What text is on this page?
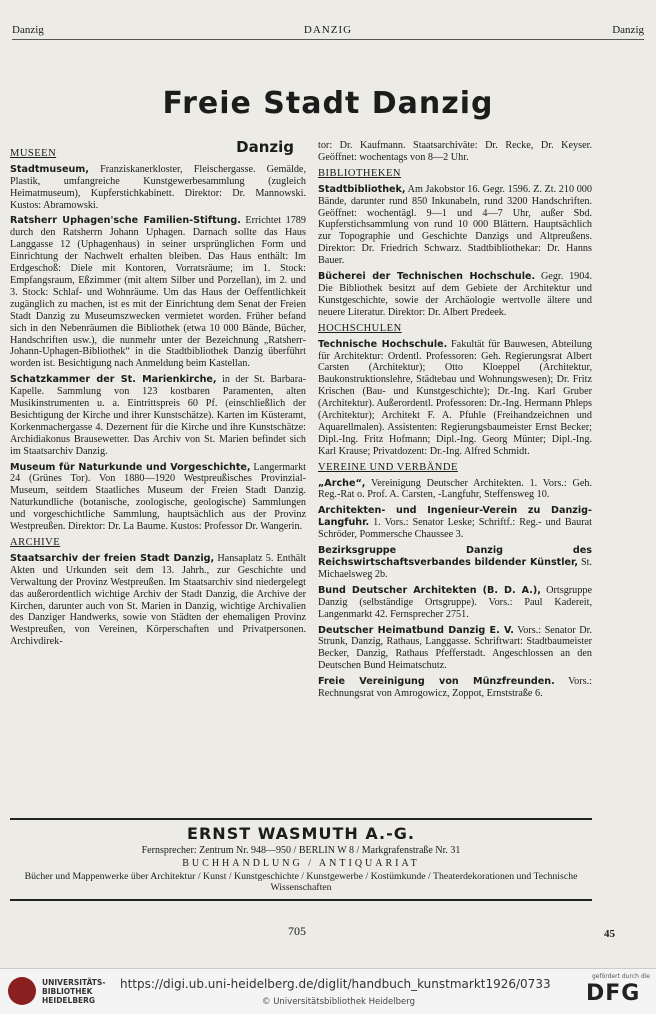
Danzig	DANZIG	Danzig
Freie Stadt Danzig
Danzig
MUSEEN

Stadtmuseum, Franziskanerkloster, Fleischergasse. Gemälde, Plastik, umfangreiche Kunstgewerbesammlung (zugleich Heimatmuseum), Kupferstichkabinett. Direktor: Dr. Mannowski. Kustos: Abramowski.

Ratsherr Uphagen'sche Familien-Stiftung. Errichtet 1789 durch den Ratsherrn Johann Uphagen. Darnach sollte das Haus Langgasse 12 (Uphagenhaus) in seiner ursprünglichen Form und Einrichtung der Nachwelt erhalten bleiben. Das Haus enthält: Im Erdgeschoß: Diele mit Kontoren, Vorratsräume; im 1. Stock: Empfangsraum, Eßzimmer (mit altem Silber und Porzellan), im 2. und 3. Stock: Schlaf- und Wohnräume. Um das Haus der Oeffentlichkeit zugänglich zu machen, ist es mit der Einrichtung dem Senat der Freien Stadt Danzig zu Museumszwecken vermietet worden. Früher befand sich in den Nebenräumen die Bibliothek (etwa 10 000 Bände, Bücher, Handschriften usw.), die nunmehr unter der Bezeichnung „Ratsherr-Johann-Uphagen-Bibliothek“ in die Stadtbibliothek Danzig überführt worden ist. Besichtigung nach Anmeldung beim Kastellan.

Schatzkammer der St. Marienkirche, in der St. Barbara-Kapelle. Sammlung von 123 kostbaren Paramenten, alten Musikinstrumenten u. a. Eintrittspreis 60 Pf. (einschließlich der Besichtigung der Kirche und ihrer Kunstschätze). Karten im Küsteramt, Korkenmachergasse 4. Dezernent für die Kirche und ihre Kunstschätze: Archidiakonus Brausewetter. Das Archiv von St. Marien befindet sich im Staatsarchiv Danzig.

Museum für Naturkunde und Vorgeschichte, Langermarkt 24 (Grünes Tor). Von 1880—1920 Westpreußisches Provinzial-Museum, seitdem Staatliches Museum der Freien Stadt Danzig. Naturkundliche (botanische, zoologische, geologische) Sammlungen und vorgeschichtliche Sammlung, hauptsächlich aus der Provinz Westpreußen. Direktor: Dr. La Baume. Kustos: Professor Dr. Wangerin.

ARCHIVE

Staatsarchiv der freien Stadt Danzig, Hansaplatz 5. Enthält Akten und Urkunden seit dem 13. Jahrh., zur Geschichte und Verwaltung der Provinz Westpreußen. Im Staatsarchiv sind niedergelegt das außerordentlich wichtige Archiv der Stadt Danzig, die Archive der Kirchen, darunter auch von St. Marien in Danzig, wichtige Archivalien des Danziger Handwerks, sowie von Städten der ehemaligen Provinz Westpreußen, von Vereinen, Körperschaften und Privatpersonen. Archivdirek-

tor: Dr. Kaufmann. Staatsarchiväte: Dr. Recke, Dr. Keyser. Geöffnet: wochentags von 8—2 Uhr.

BIBLIOTHEKEN

Stadtbibliothek, Am Jakobstor 16. Gegr. 1596. Z. Zt. 210 000 Bände, darunter rund 850 Inkunabeln, rund 3200 Handschriften. Geöffnet: wochentägl. 9—1 und 4—7 Uhr, außer Sbd. Kupferstichsammlung von rund 10 000 Blättern. Hauptsächlich zur Topographie und Geschichte Danzigs und Altpreußens. Direktor: Dr. Friedrich Schwarz. Stadtbibliothekar: Dr. Hanns Bauer.

Bücherei der Technischen Hochschule. Gegr. 1904. Die Bibliothek besitzt auf dem Gebiete der Architektur und Kunstgeschichte, sowie der Archäologie wertvolle ältere und neuere Literatur. Direktor: Dr. Albert Predeek.

HOCHSCHULEN

Technische Hochschule. Fakultät für Bauwesen, Abteilung für Architektur: Ordentl. Professoren: Geh. Regierungsrat Albert Carsten (Architektur); Otto Kloeppel (Architektur, Baukonstruktionslehre, Städtebau und Wohnungswesen); Dr. Fritz Krischen (Bau- und Kunstgeschichte); Dr.-Ing. Karl Gruber (Architektur). Außerordentl. Professoren: Dr.-Ing. Hermann Phleps (Architektur); Architekt F. A. Pfuhle (Freihandzeichnen und Aquarellmalen). Assistenten: Regierungsbaumeister Ernst Becker; Dipl.-Ing. Fritz Hofmann; Dipl.-Ing. Georg Münter; Dipl.-Ing. Karl Krause; Privatdozent: Dr.-Ing. Alfred Schmidt.

VEREINE UND VERBÄNDE

„Arche“, Vereinigung Deutscher Architekten. 1. Vors.: Geh. Reg.-Rat o. Prof. A. Carsten, -Langfuhr, Steffensweg 10.

Architekten- und Ingenieur-Verein zu Danzig-Langfuhr. 1. Vors.: Senator Leske; Schriftf.: Reg.- und Baurat Schröder, Pommersche Chaussee 3.

Bezirksgruppe Danzig des Reichswirtschaftsverbandes bildender Künstler, St. Michaelsweg 2b.

Bund Deutscher Architekten (B. D. A.), Ortsgruppe Danzig (selbständige Ortsgruppe). Vors.: Paul Kadereit, Langenmarkt 42. Fernsprecher 2751.

Deutscher Heimatbund Danzig E. V. Vors.: Senator Dr. Strunk, Danzig, Rathaus, Langgasse. Schriftwart: Stadtbaumeister Becker, Danzig, Rathaus Pfefferstadt. Angeschlossen an den Deutschen Bund Heimatschutz.

Freie Vereinigung von Münzfreunden. Vors.: Rechnungsrat von Amrogowicz, Zoppot, Ernststraße 6.

ERNST WASMUTH A.-G.
Fernsprecher: Zentrum Nr. 948—950 / BERLIN W 8 / Markgrafenstraße Nr. 31
BUCHHANDLUNG / ANTIQUARIAT
Bücher und Mappenwerke über Architektur / Kunst / Kunstgeschichte / Kunstgewerbe / Kostümkunde / Theaterdekorationen und Technische Wissenschaften
705	45
UNIVERSITÄTS-
BIBLIOTHEK
HEIDELBERG
https://digi.ub.uni-heidelberg.de/diglit/handbuch_kunstmarkt1926/0733
© Universitätsbibliothek Heidelberg
gefördert durch die
DFG
